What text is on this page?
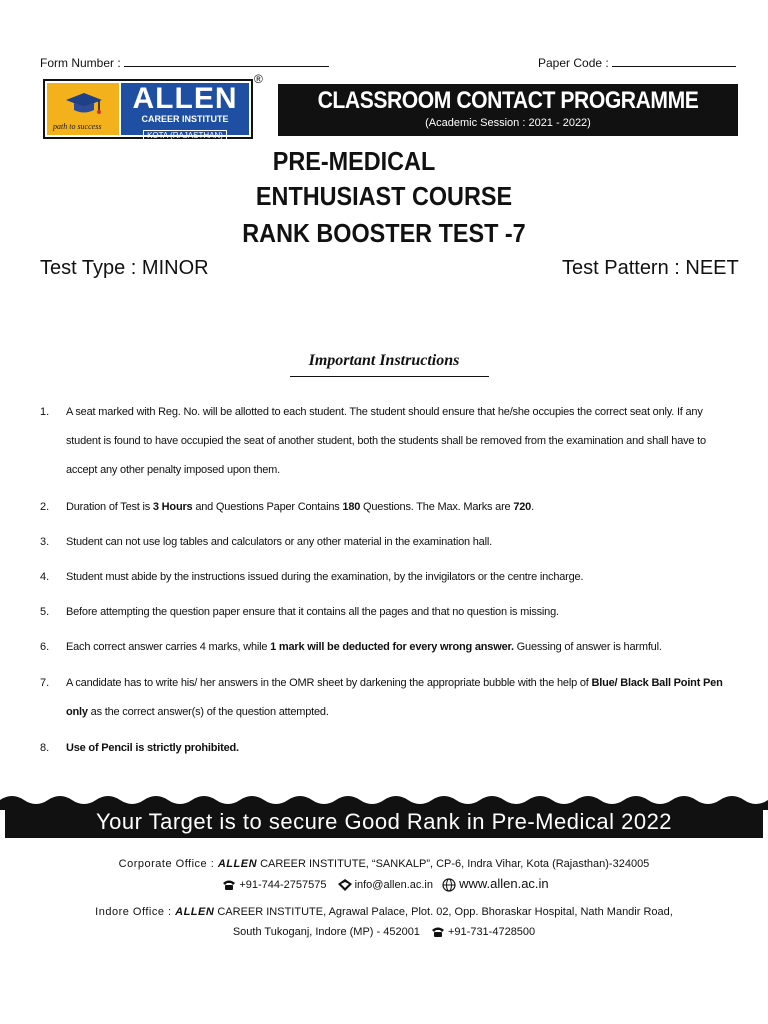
Form Number :	Paper Code :
path to success
ALLEN
CAREER INSTITUTE
KOTA (RAJASTHAN)
®
CLASSROOM CONTACT PROGRAMME
(Academic Session : 2021 - 2022)
PRE-MEDICAL
ENTHUSIAST COURSE
RANK BOOSTER TEST -7
Test Type : MINOR	Test Pattern : NEET
Important Instructions
1. A seat marked with Reg. No. will be allotted to each student. The student should ensure that he/she occupies the correct seat only. If any
student is found to have occupied the seat of another student, both the students shall be removed from the examination and shall have to
accept any other penalty imposed upon them.
2. Duration of Test is 3 Hours and Questions Paper Contains 180 Questions. The Max. Marks are 720.
3. Student can not use log tables and calculators or any other material in the examination hall.
4. Student must abide by the instructions issued during the examination, by the invigilators or the centre incharge.
5. Before attempting the question paper ensure that it contains all the pages and that no question is missing.
6. Each correct answer carries 4 marks, while 1 mark will be deducted for every wrong answer. Guessing of answer is harmful.
7. A candidate has to write his/ her answers in the OMR sheet by darkening the appropriate bubble with the help of Blue/ Black Ball Point Pen
only as the correct answer(s) of the question attempted.
8. Use of Pencil is strictly prohibited.
Your Target is to secure Good Rank in Pre-Medical 2022
Corporate Office : ALLEN CAREER INSTITUTE, “SANKALP”, CP-6, Indra Vihar, Kota (Rajasthan)-324005
+91-744-2757575	info@allen.ac.in www.allen.ac.in
Indore Office : ALLEN CAREER INSTITUTE, Agrawal Palace, Plot. 02, Opp. Bhoraskar Hospital, Nath Mandir Road,
South Tukoganj, Indore (MP) - 452001	+91-731-4728500
